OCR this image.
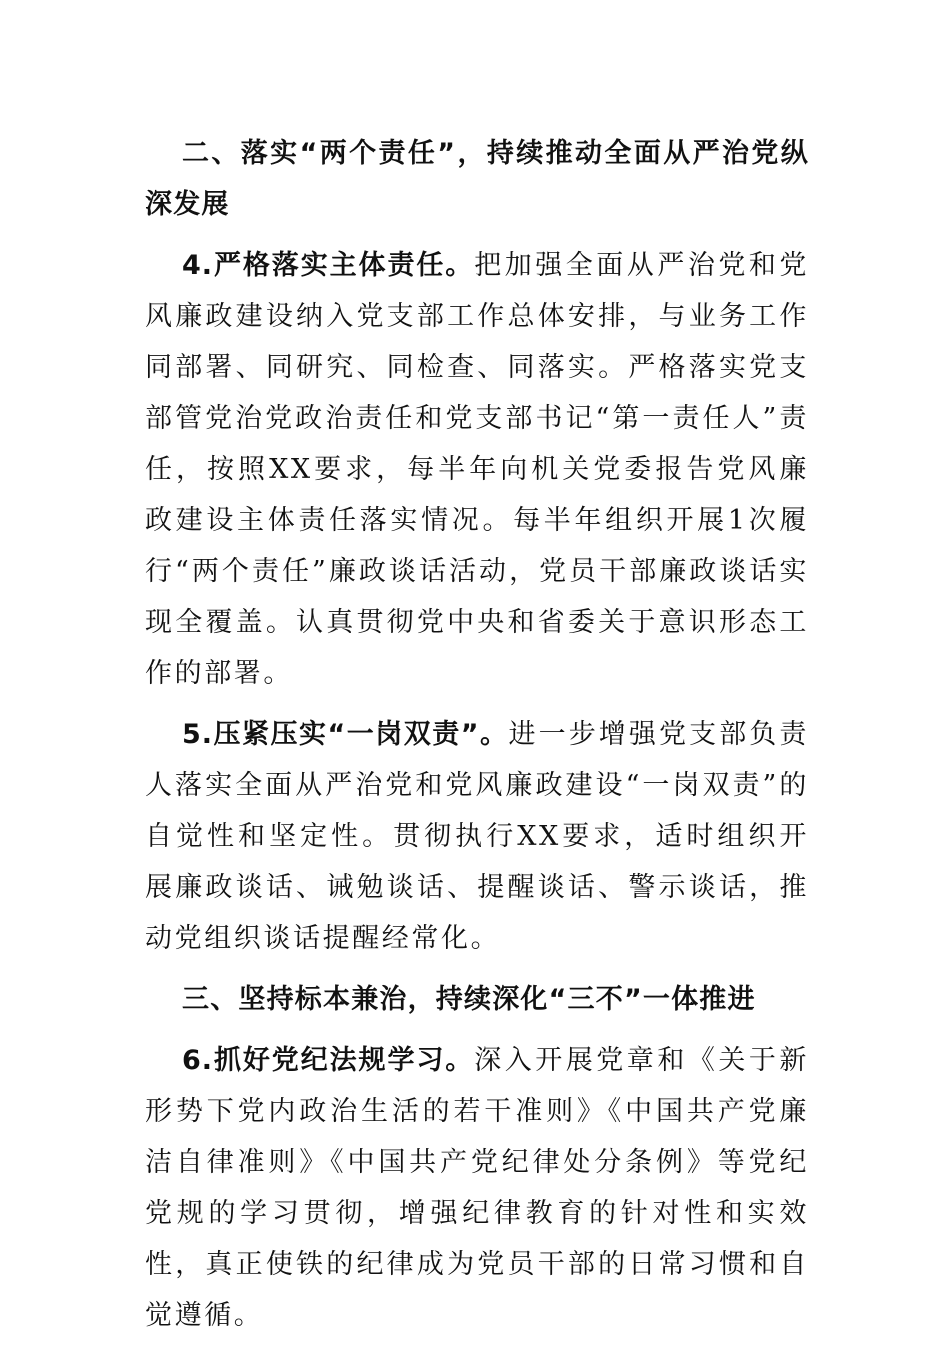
二、落实“两个责任”，持续推动全面从严治党纵深发展

4.严格落实主体责任。把加强全面从严治党和党风廉政建设纳入党支部工作总体安排，与业务工作同部署、同研究、同检查、同落实。严格落实党支部管党治党政治责任和党支部书记“第一责任人”责任，按照XX要求，每半年向机关党委报告党风廉政建设主体责任落实情况。每半年组织开展1次履行“两个责任”廉政谈话活动，党员干部廉政谈话实现全覆盖。认真贯彻党中央和省委关于意识形态工作的部署。

5.压紧压实“一岗双责”。进一步增强党支部负责人落实全面从严治党和党风廉政建设“一岗双责”的自觉性和坚定性。贯彻执行XX要求，适时组织开展廉政谈话、诫勉谈话、提醒谈话、警示谈话，推动党组织谈话提醒经常化。

三、坚持标本兼治，持续深化“三不”一体推进

6.抓好党纪法规学习。深入开展党章和《关于新形势下党内政治生活的若干准则》《中国共产党廉洁自律准则》《中国共产党纪律处分条例》等党纪党规的学习贯彻，增强纪律教育的针对性和实效性，真正使铁的纪律成为党员干部的日常习惯和自觉遵循。
